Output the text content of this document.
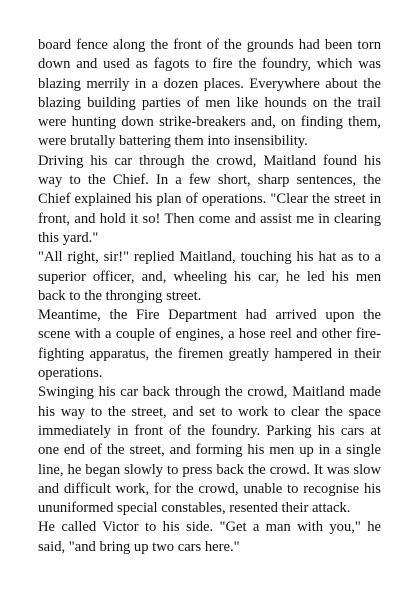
board fence along the front of the grounds had been torn down and used as fagots to fire the foundry, which was blazing merrily in a dozen places. Everywhere about the blazing building parties of men like hounds on the trail were hunting down strike-breakers and, on finding them, were brutally battering them into insensibility.

Driving his car through the crowd, Maitland found his way to the Chief. In a few short, sharp sentences, the Chief explained his plan of operations. "Clear the street in front, and hold it so! Then come and assist me in clearing this yard."

"All right, sir!" replied Maitland, touching his hat as to a superior officer, and, wheeling his car, he led his men back to the thronging street.

Meantime, the Fire Department had arrived upon the scene with a couple of engines, a hose reel and other fire-fighting apparatus, the firemen greatly hampered in their operations.

Swinging his car back through the crowd, Maitland made his way to the street, and set to work to clear the space immediately in front of the foundry. Parking his cars at one end of the street, and forming his men up in a single line, he began slowly to press back the crowd. It was slow and difficult work, for the crowd, unable to recognise his ununiformed special constables, resented their attack.

He called Victor to his side. "Get a man with you," he said, "and bring up two cars here."
